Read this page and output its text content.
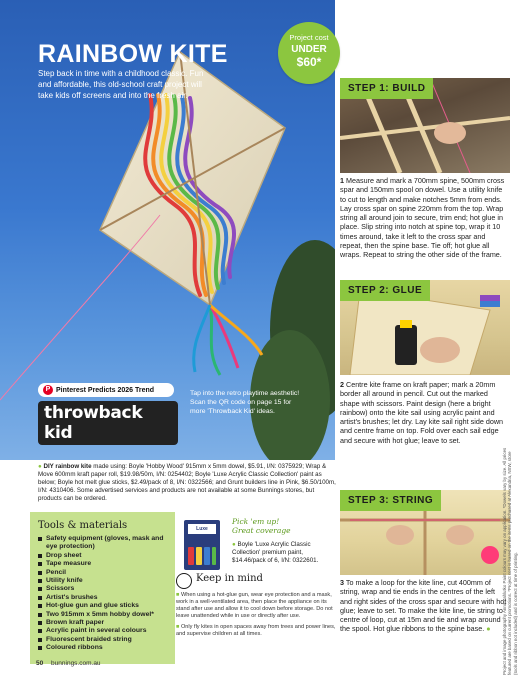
RAINBOW KITE
Step back in time with a childhood classic. Fun and affordable, this old-school craft project will take kids off screens and into the fresh air.
Project cost
UNDER
$60*
P Pinterest Predicts 2026 Trend
throwback kid
Tap into the retro playtime aesthetic! Scan the QR code on page 15 for more 'Throwback Kid' ideas.
STEP 1: BUILD
1 Measure and mark a 700mm spine, 500mm cross spar and 150mm spool on dowel. Use a utility knife to cut to length and make notches 5mm from ends. Lay cross spar on spine 220mm from the top. Wrap string all around join to secure, trim end; hot glue in place. Slip string into notch at spine top, wrap it 10 times around, take it left to the cross spar and repeat, then the spine base. Tie off; hot glue all wraps. Repeat to string the other side of the frame.
STEP 2: GLUE
2 Centre kite frame on kraft paper; mark a 20mm border all around in pencil. Cut out the marked shape with scissors. Paint design (here a bright rainbow) onto the kite sail using acrylic paint and artist's brushes; let dry. Lay kite sail right side down and centre frame on top. Fold over each sail edge and secure with hot glue; leave to set.
STEP 3: STRING
3 To make a loop for the kite line, cut 400mm of string, wrap and tie ends in the centres of the left and right sides of the cross spar and secure with hot glue; leave to set. To make the kite line, tie string to centre of loop, cut at 15m and tie and wrap around the spool. Hot glue ribbons to the spine base. ●
● DIY rainbow kite made using: Boyle 'Hobby Wood' 915mm x 5mm dowel, $5.91, I/N: 0375929; Wrap & Move 600mm kraft paper roll, $19.98/50m, I/N: 0254402; Boyle 'Luxe Acrylic Classic Collection' paint as below; Boyle hot melt glue sticks, $2.49/pack of 8, I/N: 0322566; and Grunt builders line in Pink, $6.50/100m, I/N: 4310406. Some advertised services and products are not available at some Bunnings stores, but products can be ordered.
Tools & materials
Safety equipment (gloves, mask and eye protection)
Drop sheet
Tape measure
Pencil
Utility knife
Scissors
Artist's brushes
Hot-glue gun and glue sticks
Two 915mm x 5mm hobby dowel*
Brown kraft paper
Acrylic paint in several colours
Fluorescent braided string
Coloured ribbons
Luxe Acrylic
Pick 'em up!
Great coverage
● Boyle 'Luxe Acrylic Classic Collection' premium paint, $14.46/pack of 6, I/N: 0322601.
Keep in mind

■ When using a hot-glue gun, wear eye protection and a mask, work in a well-ventilated area, then place the appliance on its stand after use and allow it to cool down before storage. Do not leave unattended while in use or directly after use.

■ Only fly kites in open spaces away from trees and power lines, and supervise children at all times.	Project and image photography Anna Zahlutko Paint colours may vary on application. *Dowels vary by size. All prices featured are based on current promotions. *Project cost is based on the items purchased at Alexandria, NSW, store (tools and ribbon not included) and is correct at time of printing.
50 bunnings.com.au
